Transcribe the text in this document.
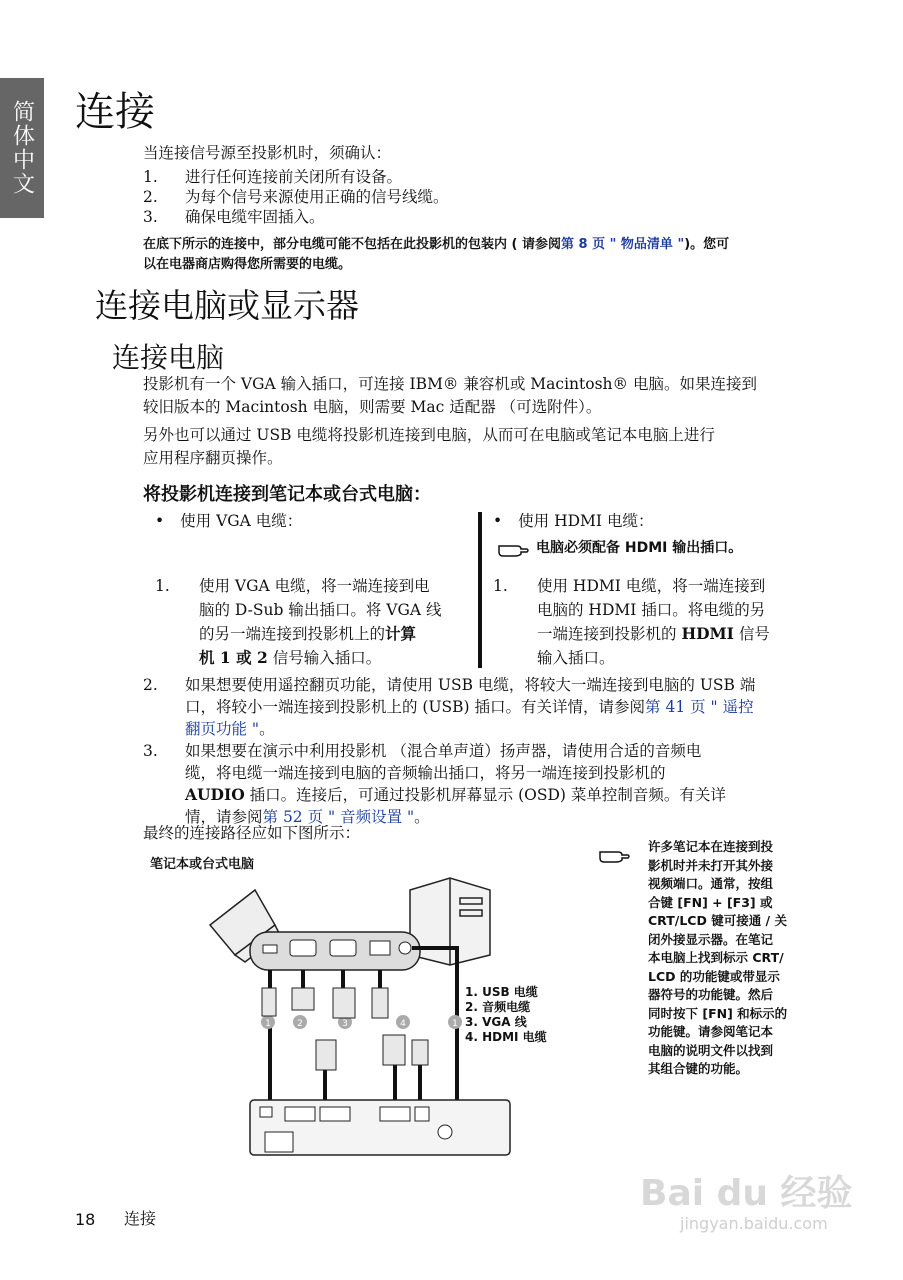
简体中文 连接
当连接信号源至投影机时，须确认：
1. 进行任何连接前关闭所有设备。
2. 为每个信号来源使用正确的信号线缆。
3. 确保电缆牢固插入。
在底下所示的连接中，部分电缆可能不包括在此投影机的包装内 ( 请参阅第 8 页 " 物品清单 ")。您可
以在电器商店购得您所需要的电缆。
连接电脑或显示器
连接电脑
投影机有一个 VGA 输入插口，可连接 IBM® 兼容机或 Macintosh® 电脑。如果连接到
较旧版本的 Macintosh 电脑，则需要 Mac 适配器 （可选附件）。
另外也可以通过 USB 电缆将投影机连接到电脑，从而可在电脑或笔记本电脑上进行
应用程序翻页操作。
将投影机连接到笔记本或台式电脑：
• 使用 VGA 电缆：
1. 使用 VGA 电缆，将一端连接到电
脑的 D-Sub 输出插口。将 VGA 线
的另一端连接到投影机上的计算
机 1 或 2 信号输入插口。
• 使用 HDMI 电缆：
电脑必须配备 HDMI 输出插口。
1. 使用 HDMI 电缆，将一端连接到
电脑的 HDMI 插口。将电缆的另
一端连接到投影机的 HDMI 信号
输入插口。
2. 如果想要使用遥控翻页功能，请使用 USB 电缆，将较大一端连接到电脑的 USB 端
口，将较小一端连接到投影机上的 (USB) 插口。有关详情，请参阅第 41 页 " 遥控
翻页功能 "。
3. 如果想要在演示中利用投影机 （混合单声道）扬声器，请使用合适的音频电
缆，将电缆一端连接到电脑的音频输出插口，将另一端连接到投影机的
AUDIO 插口。连接后，可通过投影机屏幕显示 (OSD) 菜单控制音频。有关详
情，请参阅第 52 页 " 音频设置 "。
最终的连接路径应如下图所示：
笔记本或台式电脑
1	2	3	4	1
1. USB 电缆
2. 音频电缆
3. VGA 线
4. HDMI 电缆
许多笔记本在连接到投
影机时并未打开其外接
视频端口。通常，按组
合键 [FN] + [F3] 或
CRT/LCD 键可接通 / 关
闭外接显示器。在笔记
本电脑上找到标示 CRT/
LCD 的功能键或带显示
器符号的功能键。然后
同时按下 [FN] 和标示的
功能键。请参阅笔记本
电脑的说明文件以找到
其组合键的功能。
18 连接
Bai du 经验
jingyan.baidu.com
